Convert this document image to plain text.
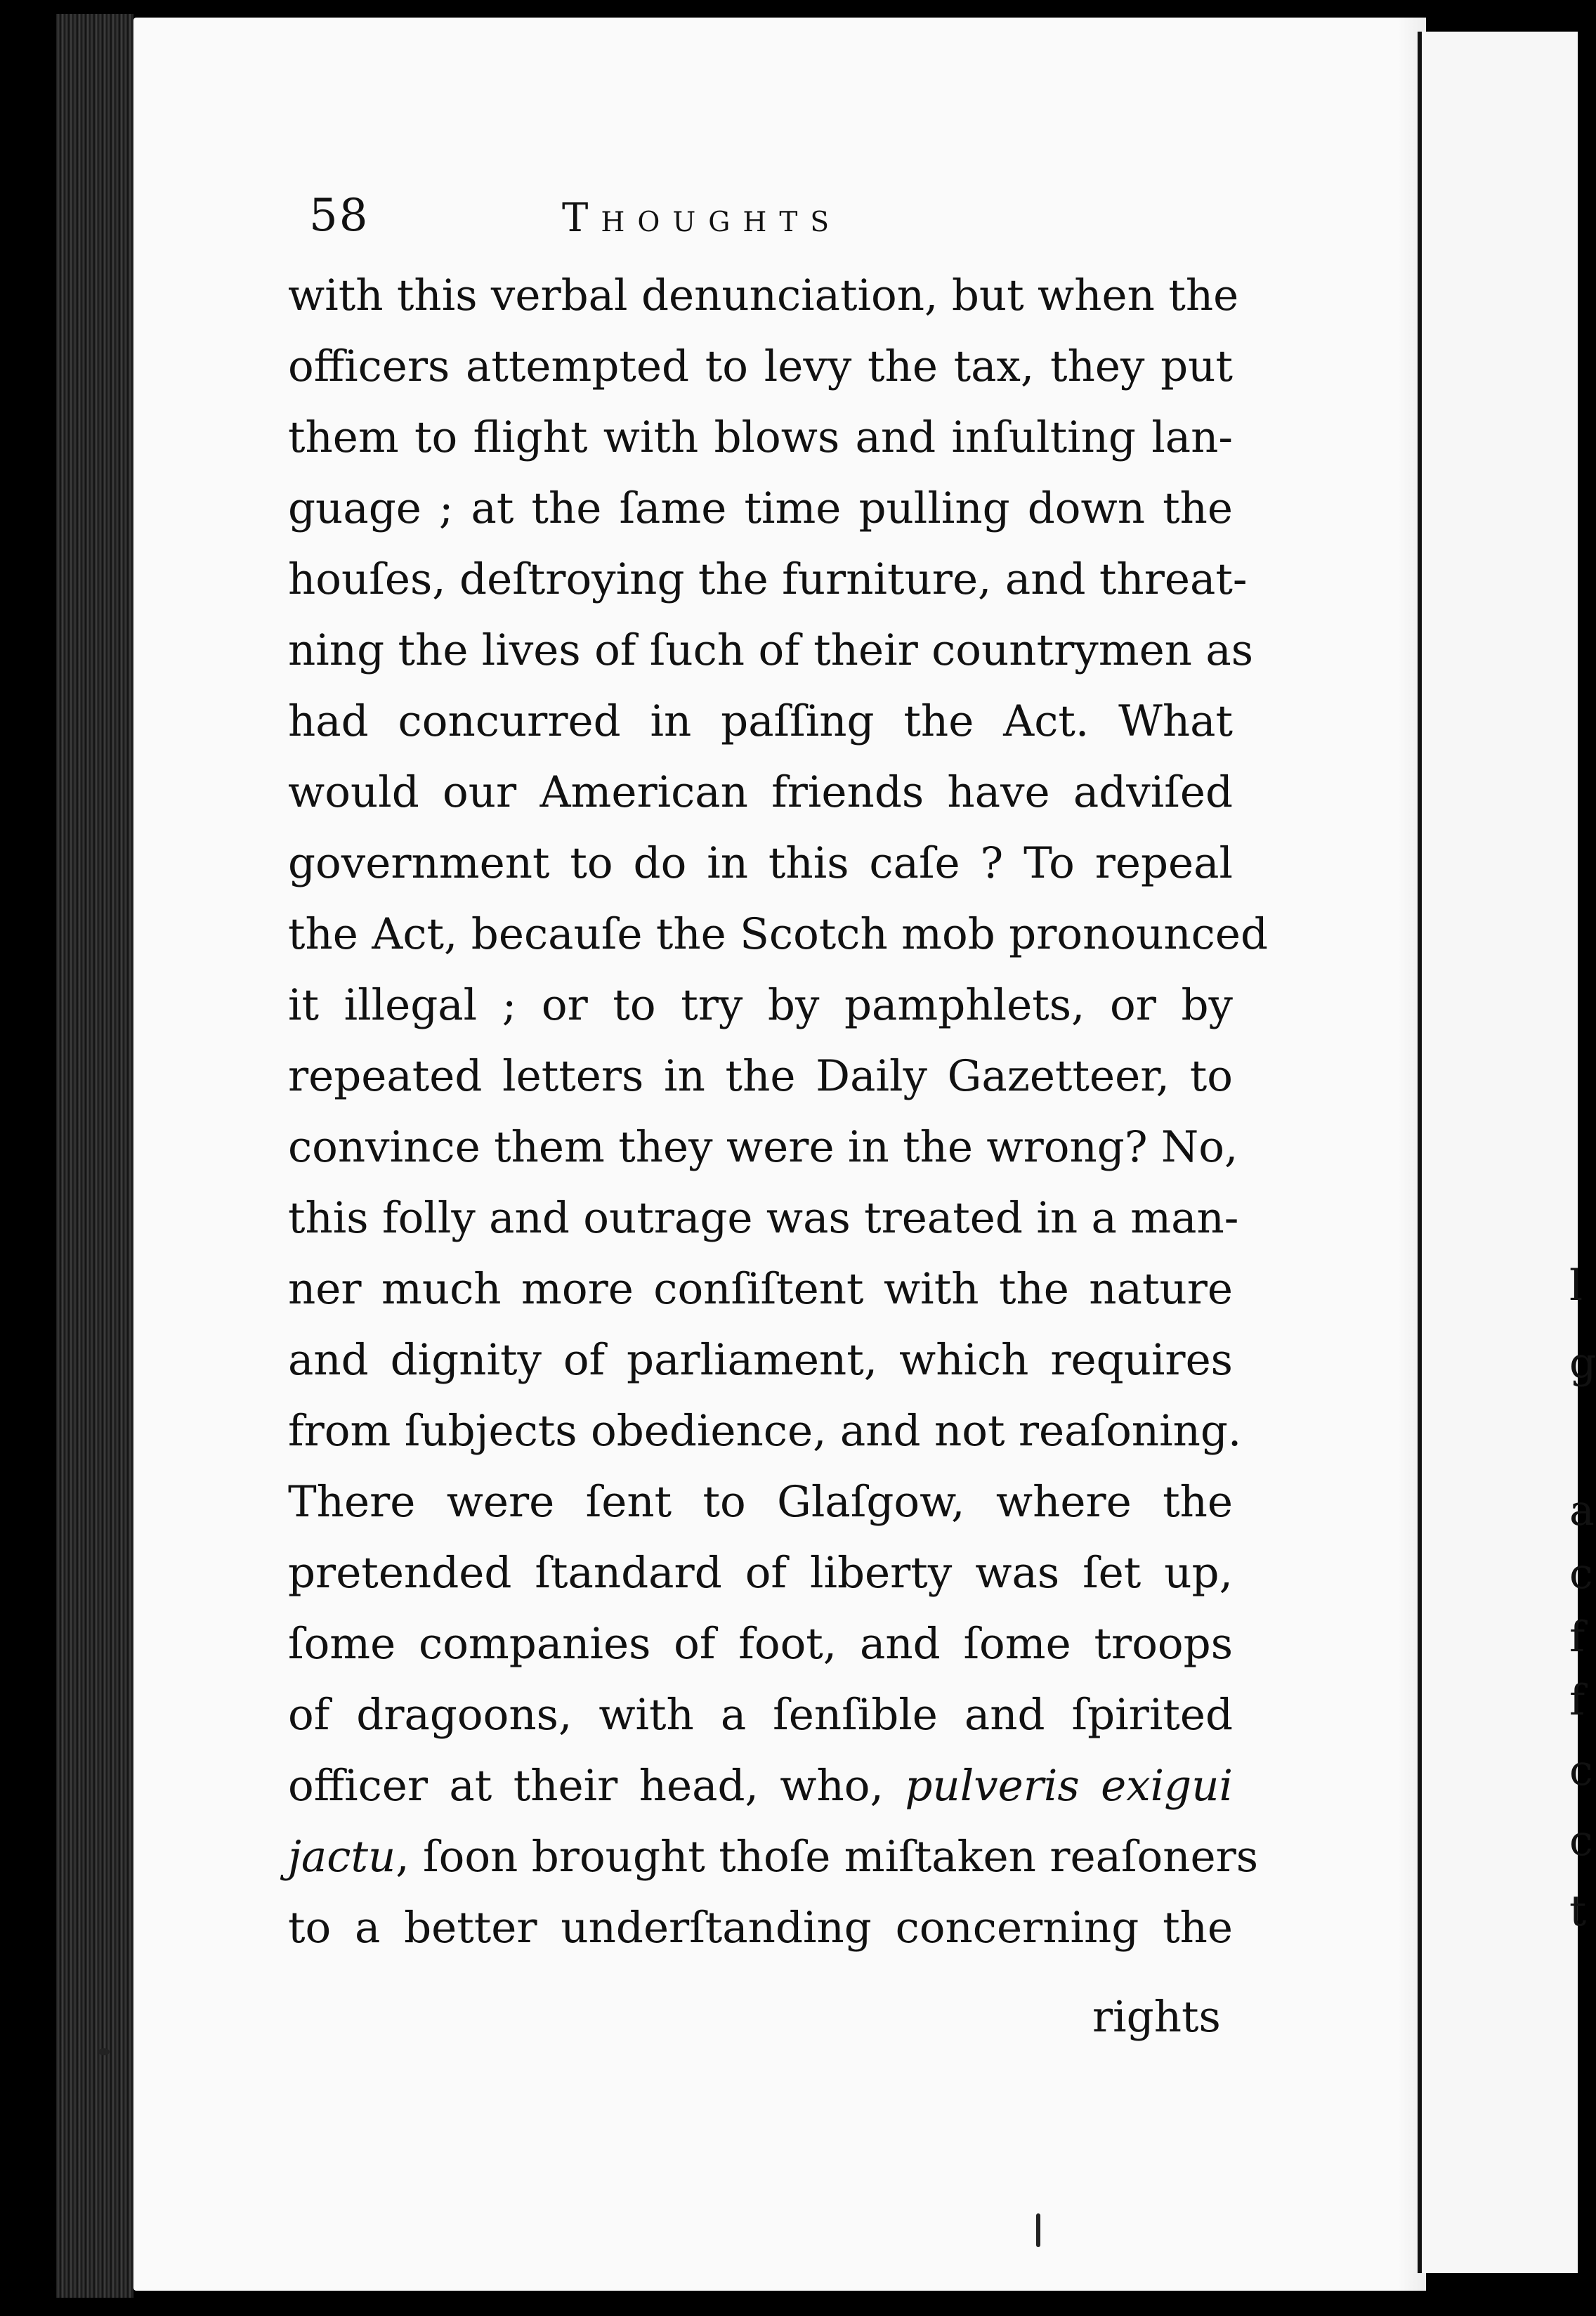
l
g
a
c
f
f
c
c
t
58	Thoughts
with this verbal denunciation, but when the
officers attempted to levy the tax, they put
them to flight with blows and inſulting lan-
guage ; at the ſame time pulling down the
houſes, deſtroying the furniture, and threat-
ning the lives of ſuch of their countrymen as
had concurred in paſſing the Act. What
would our American friends have adviſed
government to do in this caſe ? To repeal
the Act, becauſe the Scotch mob pronounced
it illegal ; or to try by pamphlets, or by
repeated letters in the Daily Gazetteer, to
convince them they were in the wrong? No,
this folly and outrage was treated in a man-
ner much more conſiſtent with the nature
and dignity of parliament, which requires
from ſubjects obedience, and not reaſoning.
There were ſent to Glaſgow, where the
pretended ſtandard of liberty was ſet up,
ſome companies of foot, and ſome troops
of dragoons, with a ſenſible and ſpirited
officer at their head, who, pulveris exigui
jactu, ſoon brought thoſe miſtaken reaſoners
to a better underſtanding concerning the
rights
